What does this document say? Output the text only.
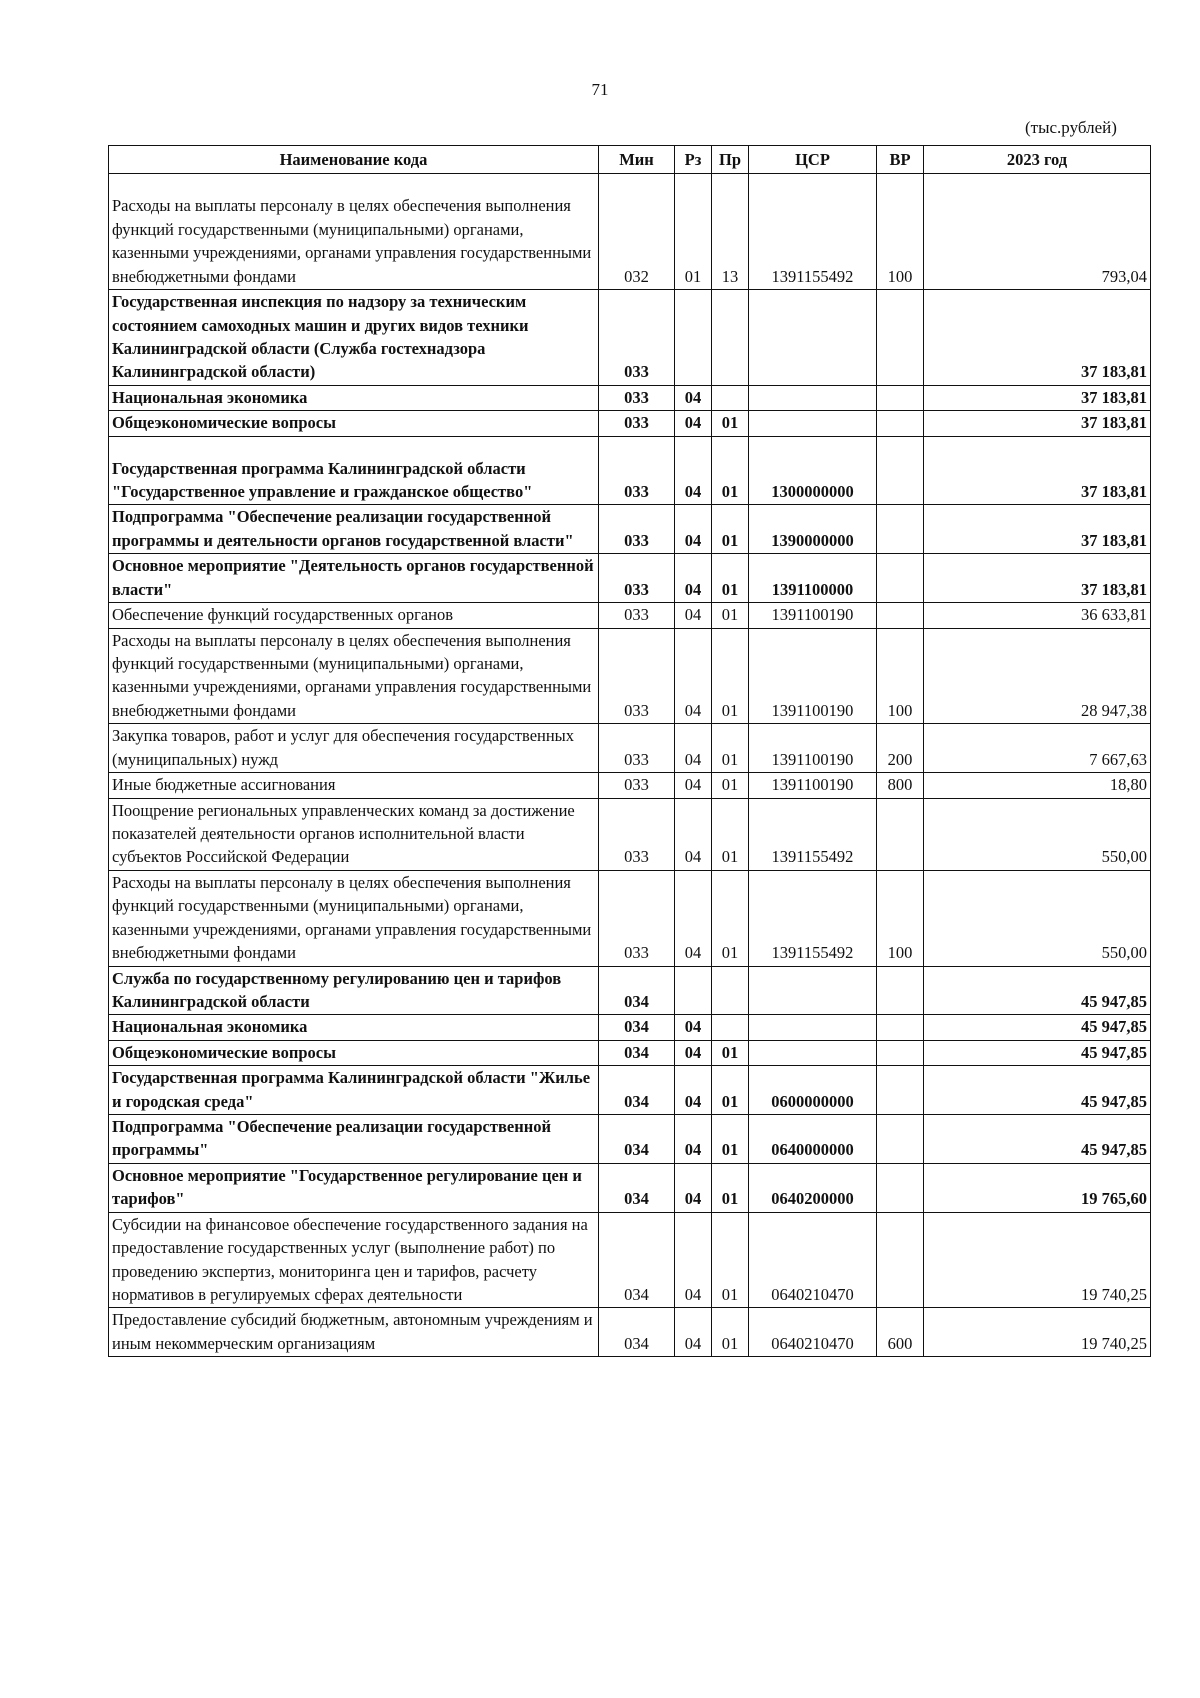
71
(тыс.рублей)
Наименование кода	Мин	Рз	Пр	ЦСР	ВР	2023 год
Расходы на выплаты персоналу в целях обеспечения выполнения функций государственными (муниципальными) органами, казенными учреждениями, органами управления государственными внебюджетными фондами	032	01	13	1391155492	100	793,04
Государственная инспекция по надзору за техническим состоянием самоходных машин и других видов техники Калининградской области (Служба гостехнадзора Калининградской области)	033					37 183,81
Национальная экономика	033	04				37 183,81
Общеэкономические вопросы	033	04	01			37 183,81
Государственная программа Калининградской области "Государственное управление и гражданское общество"	033	04	01	1300000000		37 183,81
Подпрограмма "Обеспечение реализации государственной программы и деятельности органов государственной власти"	033	04	01	1390000000		37 183,81
Основное мероприятие "Деятельность органов государственной власти"	033	04	01	1391100000		37 183,81
Обеспечение функций государственных органов	033	04	01	1391100190		36 633,81
Расходы на выплаты персоналу в целях обеспечения выполнения функций государственными (муниципальными) органами, казенными учреждениями, органами управления государственными внебюджетными фондами	033	04	01	1391100190	100	28 947,38
Закупка товаров, работ и услуг для обеспечения государственных (муниципальных) нужд	033	04	01	1391100190	200	7 667,63
Иные бюджетные ассигнования	033	04	01	1391100190	800	18,80
Поощрение региональных управленческих команд за достижение показателей деятельности органов исполнительной власти субъектов Российской Федерации	033	04	01	1391155492		550,00
Расходы на выплаты персоналу в целях обеспечения выполнения функций государственными (муниципальными) органами, казенными учреждениями, органами управления государственными внебюджетными фондами	033	04	01	1391155492	100	550,00
Служба по государственному регулированию цен и тарифов Калининградской области	034					45 947,85
Национальная экономика	034	04				45 947,85
Общеэкономические вопросы	034	04	01			45 947,85
Государственная программа Калининградской области "Жилье и городская среда"	034	04	01	0600000000		45 947,85
Подпрограмма "Обеспечение реализации государственной программы"	034	04	01	0640000000		45 947,85
Основное мероприятие "Государственное регулирование цен и тарифов"	034	04	01	0640200000		19 765,60
Субсидии на финансовое обеспечение государственного задания на предоставление государственных услуг (выполнение работ) по проведению экспертиз, мониторинга цен и тарифов, расчету нормативов в регулируемых сферах деятельности	034	04	01	0640210470		19 740,25
Предоставление субсидий бюджетным, автономным учреждениям и иным некоммерческим организациям	034	04	01	0640210470	600	19 740,25
